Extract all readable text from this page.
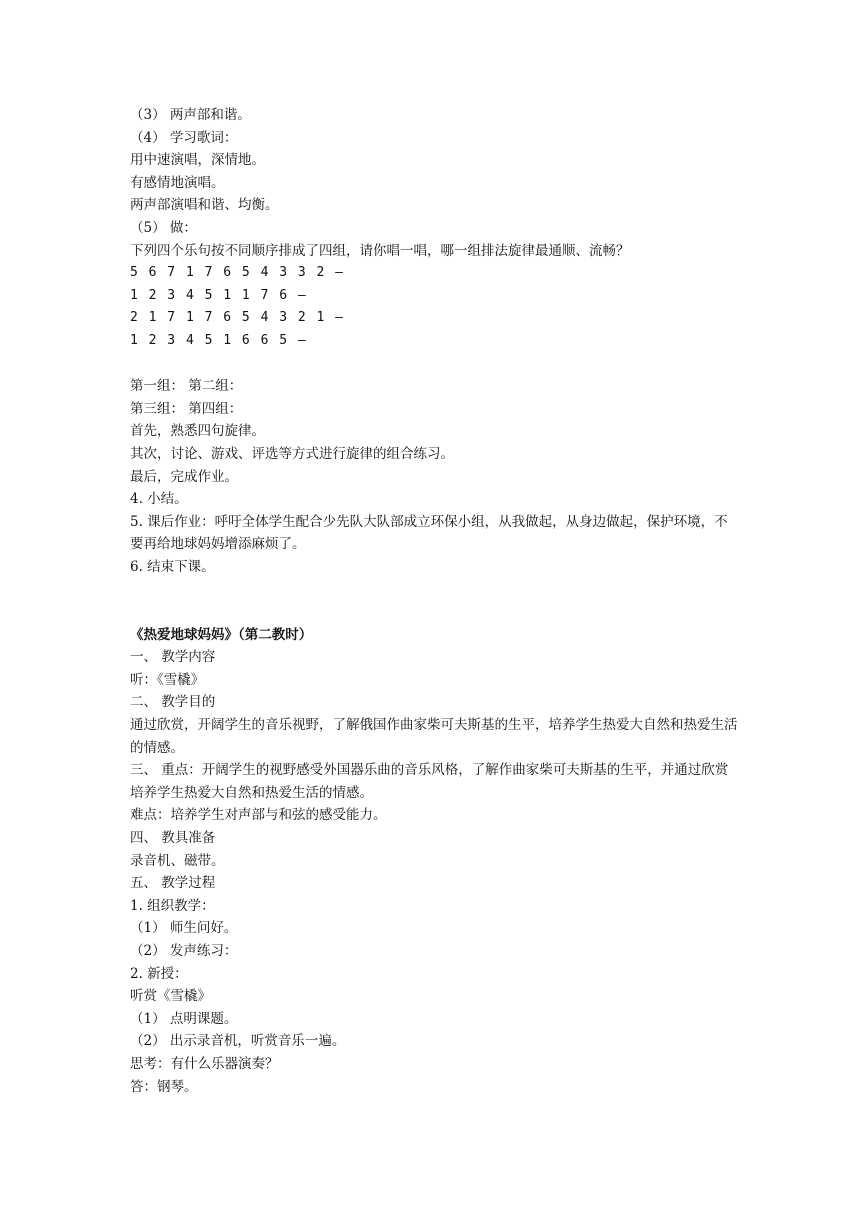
（3） 两声部和谐。
（4） 学习歌词：
用中速演唱，深情地。
有感情地演唱。
两声部演唱和谐、均衡。
（5） 做：
下列四个乐句按不同顺序排成了四组，请你唱一唱，哪一组排法旋律最通顺、流畅？
5 6 7 1 7 6 5 4 3 3 2 —
1 2 3 4 5 1 1 7 6 —
2 1 7 1 7 6 5 4 3 2 1 —
1 2 3 4 5 1 6 6 5 —
第一组： 第二组：
第三组： 第四组：
首先，熟悉四句旋律。
其次，讨论、游戏、评选等方式进行旋律的组合练习。
最后，完成作业。
4. 小结。
5. 课后作业：呼吁全体学生配合少先队大队部成立环保小组，从我做起，从身边做起，保护环境，不要再给地球妈妈增添麻烦了。
6. 结束下课。
《热爱地球妈妈》（第二教时）
一、 教学内容
听：《雪橇》
二、 教学目的
通过欣赏，开阔学生的音乐视野，了解俄国作曲家柴可夫斯基的生平，培养学生热爱大自然和热爱生活的情感。
三、 重点：开阔学生的视野感受外国器乐曲的音乐风格，了解作曲家柴可夫斯基的生平，并通过欣赏培养学生热爱大自然和热爱生活的情感。
难点：培养学生对声部与和弦的感受能力。
四、 教具准备
录音机、磁带。
五、 教学过程
1. 组织教学：
（1） 师生问好。
（2） 发声练习：
2. 新授：
听赏《雪橇》
（1） 点明课题。
（2） 出示录音机，听赏音乐一遍。
思考：有什么乐器演奏？
答：钢琴。
